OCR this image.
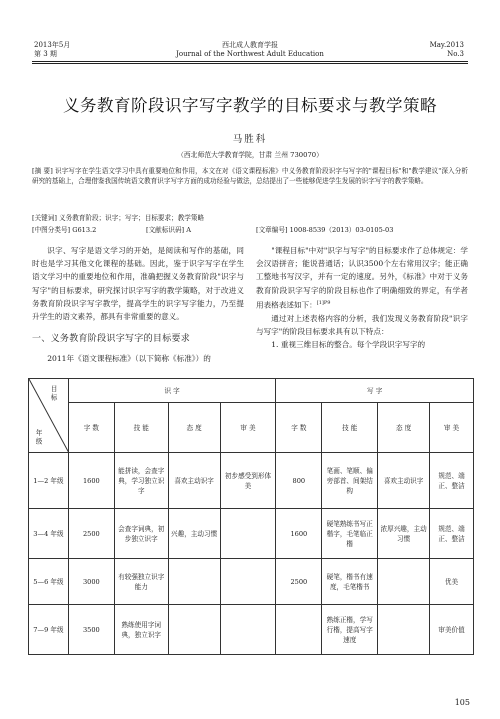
2013年5月
第 3 期
西北成人教育学报
Journal of the Northwest Adult Education
May.2013
No.3
义务教育阶段识字写字教学的目标要求与教学策略
马胜科
（西北师范大学教育学院，甘肃 兰州 730070）
[摘 要] 识字写字在学生语文学习中具有重要地位和作用，本文在对《语文课程标准》中义务教育阶段识字与写字的"课程目标"和"教学建议"深入分析研究的基础上，合理借鉴我国传统语文教育识字写字方面的成功经验与做法，总结提出了一些能够促进学生发展的识字写字的教学策略。
[关键词] 义务教育阶段；识字；写字；目标要求；教学策略
[中图分类号] G613.2	[文献标识码] A	[文章编号] 1008-8539（2013）03-0105-03

识字、写字是语文学习的开始，是阅读和写作的基础，同时也是学习其他文化课程的基础。因此，鉴于识字写字在学生语文学习中的重要地位和作用，准确把握义务教育阶段"识字与写字"的目标要求，研究探讨识字写字的教学策略，对于改进义务教育阶段识字写字教学，提高学生的识字写字能力，乃至提升学生的语文素养，都具有非常重要的意义。

一、义务教育阶段识字写字的目标要求

2011年《语文课程标准》（以下简称《标准》）的

"课程目标"中对"识字与写字"的目标要求作了总体规定：学会汉语拼音；能说普通话；认识3500个左右常用汉字；能正确工整地书写汉字，并有一定的速度。另外，《标准》中对于义务教育阶段识字写字的阶段目标也作了明确细致的界定，有学者用表格表述如下：$^{[1]P9}$

通过对上述表格内容的分析，我们发现义务教育阶段"识字与写字"的阶段目标要求具有以下特点：

1. 重视三维目标的整合。每个学段识字写字的

目标
年级	识 字				写 字			
	字 数	技 能	态 度	审 美	字 数	技 能	态 度	审 美
1—2 年级	1600	能拼读，会查字典，学习独立识字	喜欢主动识字	初步感受到形体美	800	笔画、笔顺、偏旁部首、间架结构	喜欢主动识字	规范、端正、整洁
3—4 年级	2500	会查字词典，初步独立识字	兴趣，主动习惯		1600	硬笔熟练书写正楷字，毛笔临正楷	浓厚兴趣，主动习惯	规范、端正、整洁
5—6 年级	3000	有较强独立识字能力			2500	硬笔，楷书有速度，毛笔楷书		优美
7—9 年级	3500	熟练使用字词典，独立识字				熟练正楷，学写行楷，提高写字速度		审美价值
105
